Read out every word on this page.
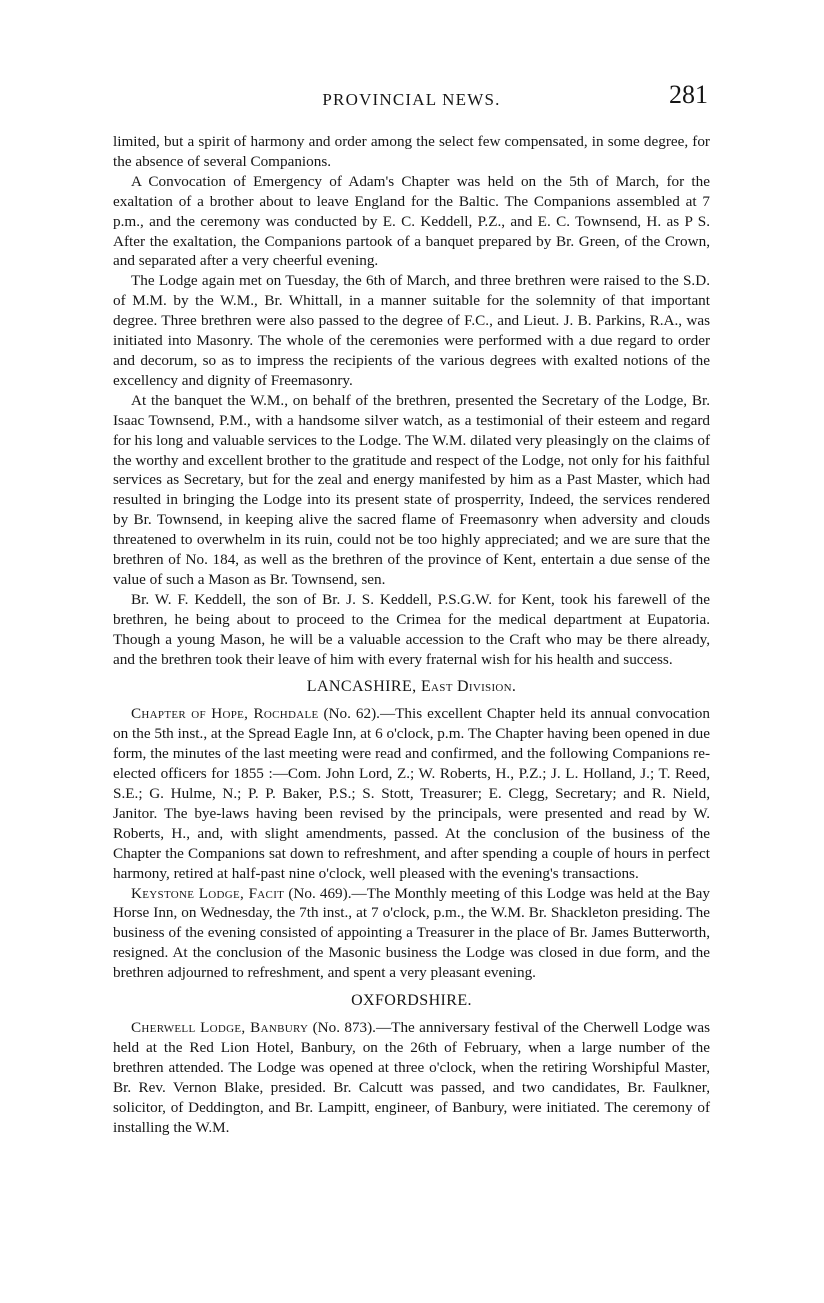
PROVINCIAL NEWS.	281

limited, but a spirit of harmony and order among the select few compensated, in some degree, for the absence of several Companions.

A Convocation of Emergency of Adam's Chapter was held on the 5th of March, for the exaltation of a brother about to leave England for the Baltic. The Companions assembled at 7 p.m., and the ceremony was conducted by E. C. Keddell, P.Z., and E. C. Townsend, H. as P S. After the exaltation, the Companions partook of a banquet prepared by Br. Green, of the Crown, and separated after a very cheerful evening.

The Lodge again met on Tuesday, the 6th of March, and three brethren were raised to the S.D. of M.M. by the W.M., Br. Whittall, in a manner suitable for the solemnity of that important degree. Three brethren were also passed to the degree of F.C., and Lieut. J. B. Parkins, R.A., was initiated into Masonry. The whole of the ceremonies were performed with a due regard to order and decorum, so as to impress the recipients of the various degrees with exalted notions of the excellency and dignity of Freemasonry.

At the banquet the W.M., on behalf of the brethren, presented the Secretary of the Lodge, Br. Isaac Townsend, P.M., with a handsome silver watch, as a testimonial of their esteem and regard for his long and valuable services to the Lodge. The W.M. dilated very pleasingly on the claims of the worthy and excellent brother to the gratitude and respect of the Lodge, not only for his faithful services as Secretary, but for the zeal and energy manifested by him as a Past Master, which had resulted in bringing the Lodge into its present state of prosperrity, Indeed, the services rendered by Br. Townsend, in keeping alive the sacred flame of Freemasonry when adversity and clouds threatened to overwhelm in its ruin, could not be too highly appreciated; and we are sure that the brethren of No. 184, as well as the brethren of the province of Kent, entertain a due sense of the value of such a Mason as Br. Townsend, sen.

Br. W. F. Keddell, the son of Br. J. S. Keddell, P.S.G.W. for Kent, took his farewell of the brethren, he being about to proceed to the Crimea for the medical department at Eupatoria. Though a young Mason, he will be a valuable accession to the Craft who may be there already, and the brethren took their leave of him with every fraternal wish for his health and success.

LANCASHIRE, East Division.

Chapter of Hope, Rochdale (No. 62).—This excellent Chapter held its annual convocation on the 5th inst., at the Spread Eagle Inn, at 6 o'clock, p.m. The Chapter having been opened in due form, the minutes of the last meeting were read and confirmed, and the following Companions re-elected officers for 1855 :—Com. John Lord, Z.; W. Roberts, H., P.Z.; J. L. Holland, J.; T. Reed, S.E.; G. Hulme, N.; P. P. Baker, P.S.; S. Stott, Treasurer; E. Clegg, Secretary; and R. Nield, Janitor. The bye-laws having been revised by the principals, were presented and read by W. Roberts, H., and, with slight amendments, passed. At the conclusion of the business of the Chapter the Companions sat down to refreshment, and after spending a couple of hours in perfect harmony, retired at half-past nine o'clock, well pleased with the evening's transactions.

Keystone Lodge, Facit (No. 469).—The Monthly meeting of this Lodge was held at the Bay Horse Inn, on Wednesday, the 7th inst., at 7 o'clock, p.m., the W.M. Br. Shackleton presiding. The business of the evening consisted of appointing a Treasurer in the place of Br. James Butterworth, resigned. At the conclusion of the Masonic business the Lodge was closed in due form, and the brethren adjourned to refreshment, and spent a very pleasant evening.

OXFORDSHIRE.

Cherwell Lodge, Banbury (No. 873).—The anniversary festival of the Cherwell Lodge was held at the Red Lion Hotel, Banbury, on the 26th of February, when a large number of the brethren attended. The Lodge was opened at three o'clock, when the retiring Worshipful Master, Br. Rev. Vernon Blake, presided. Br. Calcutt was passed, and two candidates, Br. Faulkner, solicitor, of Deddington, and Br. Lampitt, engineer, of Banbury, were initiated. The ceremony of installing the W.M.
